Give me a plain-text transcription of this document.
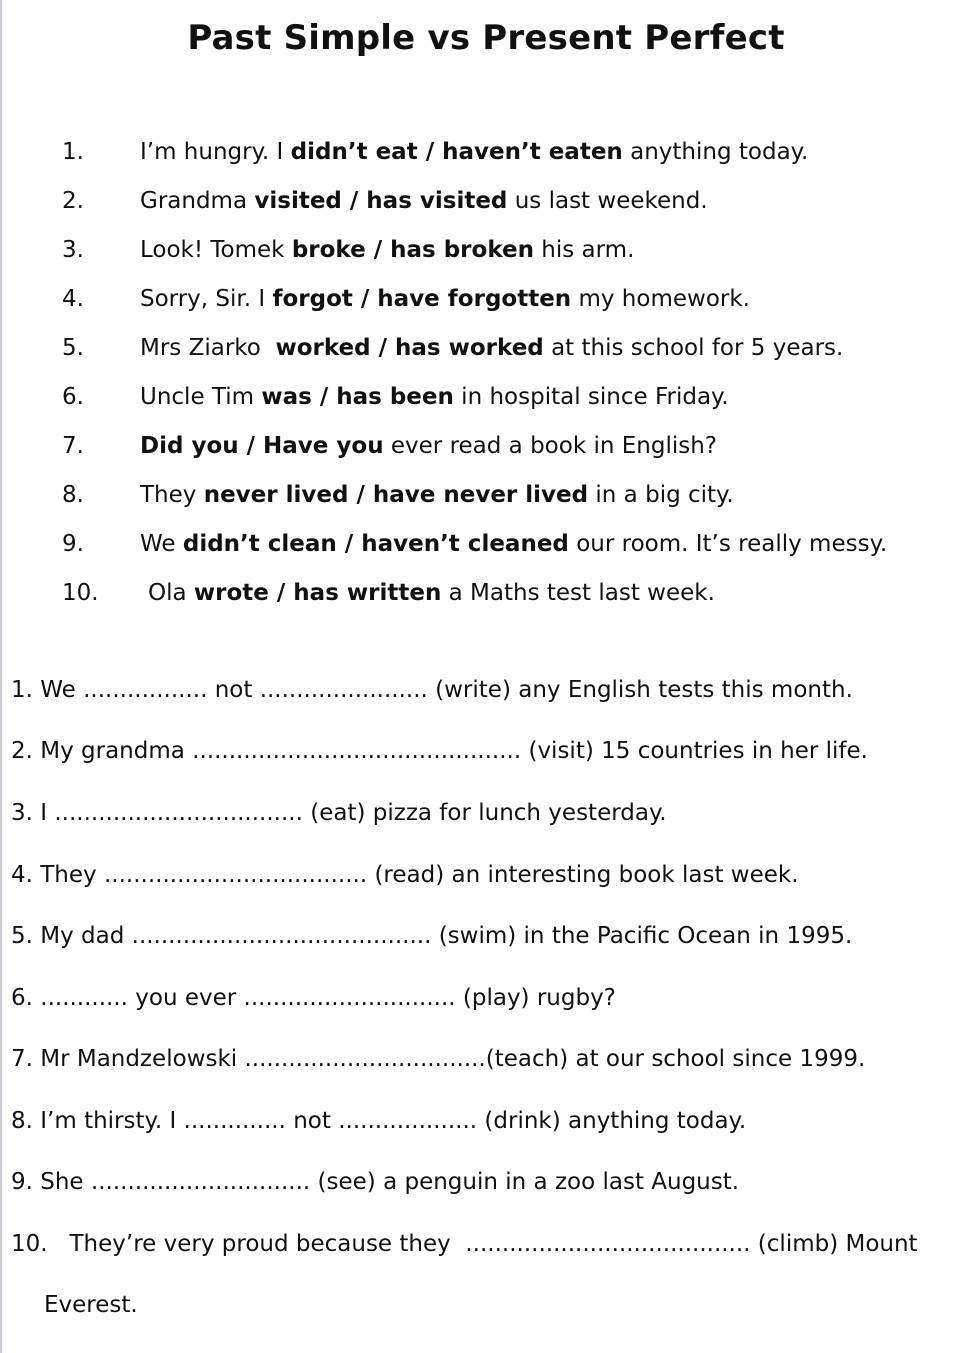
Past Simple vs Present Perfect
1. I’m hungry. I didn’t eat / haven’t eaten anything today.
2. Grandma visited / has visited us last weekend.
3. Look! Tomek broke / has broken his arm.
4. Sorry, Sir. I forgot / have forgotten my homework.
5. Mrs Ziarko  worked / has worked at this school for 5 years.
6. Uncle Tim was / has been in hospital since Friday.
7. Did you / Have you ever read a book in English?
8. They never lived / have never lived in a big city.
9. We didn’t clean / haven’t cleaned our room. It’s really messy.
10. Ola wrote / has written a Maths test last week.
1. We ................. not ....................... (write) any English tests this month.
2. My grandma ............................................. (visit) 15 countries in her life.
3. I .................................. (eat) pizza for lunch yesterday.
4. They .................................... (read) an interesting book last week.
5. My dad ......................................... (swim) in the Pacific Ocean in 1995.
6. ............ you ever ............................. (play) rugby?
7. Mr Mandzelowski .................................(teach) at our school since 1999.
8. I’m thirsty. I .............. not ................... (drink) anything today.
9. She .............................. (see) a penguin in a zoo last August.
10.   They’re very proud because they  ....................................... (climb) Mount
Everest.
